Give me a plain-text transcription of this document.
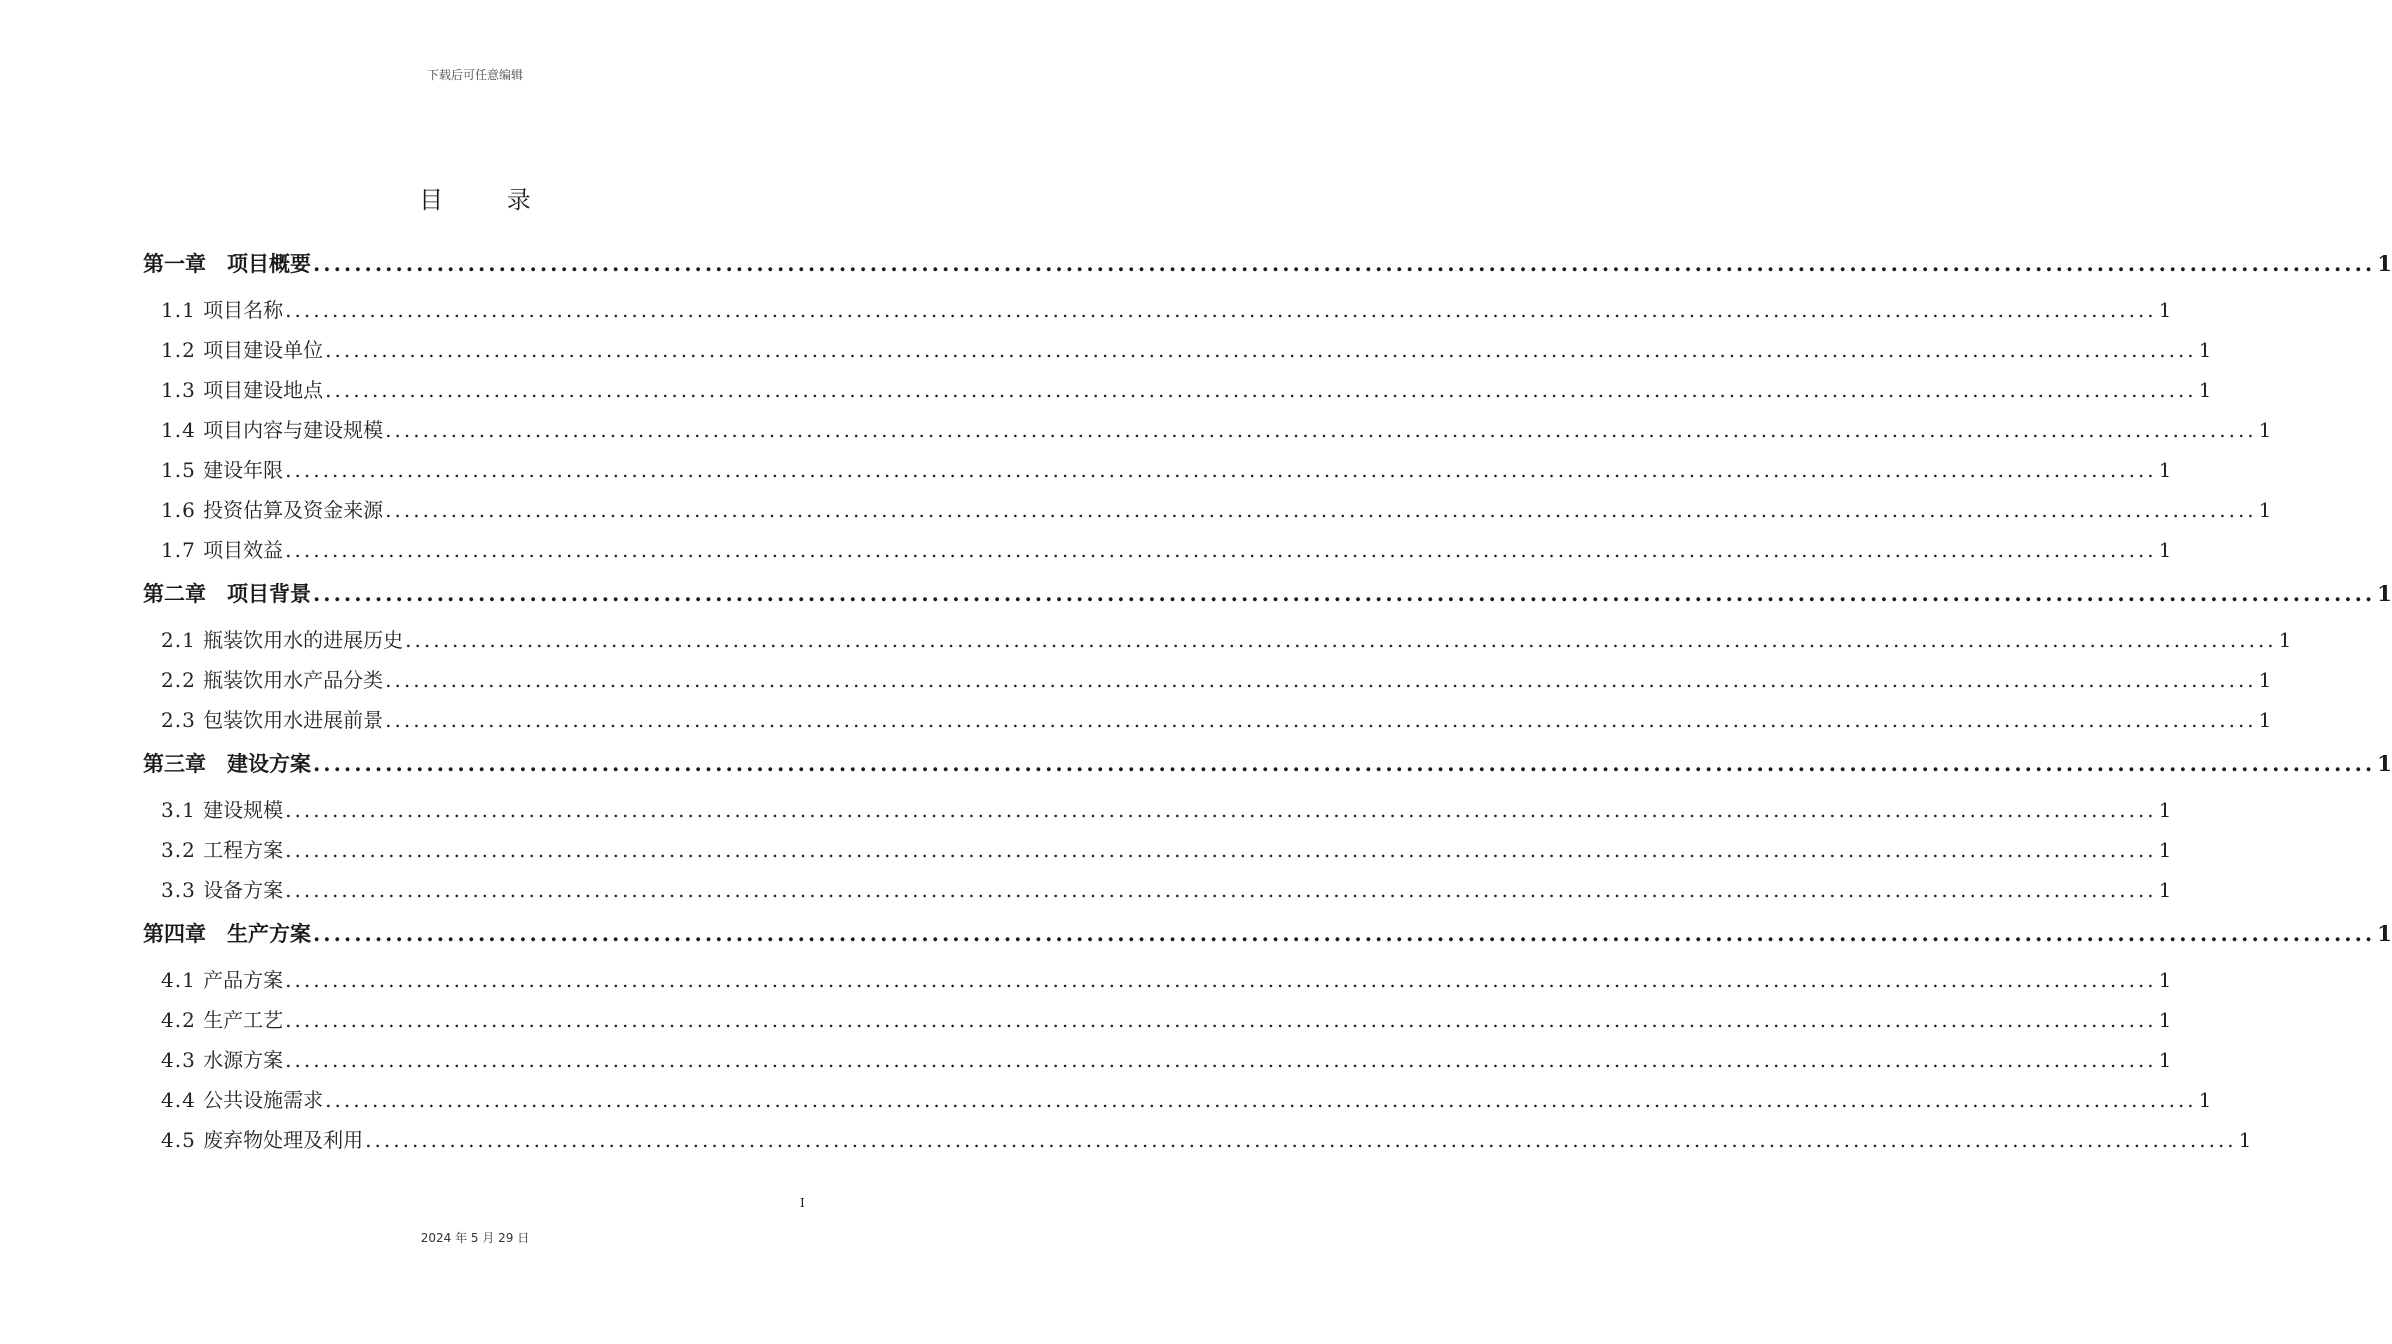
下载后可任意编辑
目 录
第一章　项目概要 ........................................................................................................................................................................................................ 1
1.1 项目名称 ........................................................................................................................................................................................................ 1
1.2 项目建设单位 ........................................................................................................................................................................................................ 1
1.3 项目建设地点 ........................................................................................................................................................................................................ 1
1.4 项目内容与建设规模 ........................................................................................................................................................................................................ 1
1.5 建设年限 ........................................................................................................................................................................................................ 1
1.6 投资估算及资金来源 ........................................................................................................................................................................................................ 1
1.7 项目效益 ........................................................................................................................................................................................................ 1
第二章　项目背景 ........................................................................................................................................................................................................ 1
2.1 瓶装饮用水的进展历史 ........................................................................................................................................................................................................ 1
2.2 瓶装饮用水产品分类 ........................................................................................................................................................................................................ 1
2.3 包装饮用水进展前景 ........................................................................................................................................................................................................ 1
第三章　建设方案 ........................................................................................................................................................................................................ 1
3.1 建设规模 ........................................................................................................................................................................................................ 1
3.2 工程方案 ........................................................................................................................................................................................................ 1
3.3 设备方案 ........................................................................................................................................................................................................ 1
第四章　生产方案 ........................................................................................................................................................................................................ 1
4.1 产品方案 ........................................................................................................................................................................................................ 1
4.2 生产工艺 ........................................................................................................................................................................................................ 1
4.3 水源方案 ........................................................................................................................................................................................................ 1
4.4 公共设施需求 ........................................................................................................................................................................................................ 1
4.5 废弃物处理及利用 ........................................................................................................................................................................................................ 1
I
2024 年 5 月 29 日
